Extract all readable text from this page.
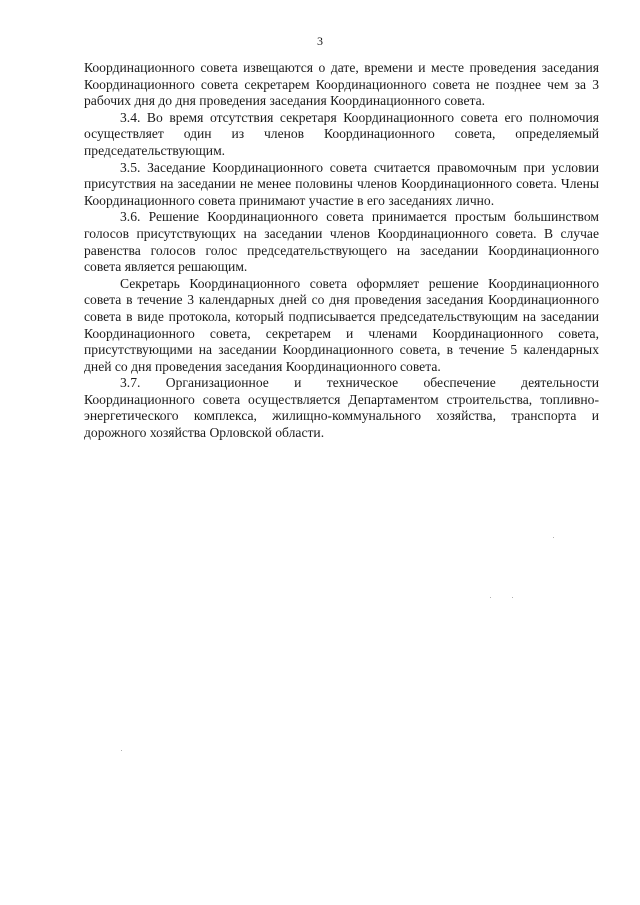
3

Координационного совета извещаются о дате, времени и месте проведения заседания Координационного совета секретарем Координационного совета не позднее чем за 3 рабочих дня до дня проведения заседания Координационного совета.

3.4. Во время отсутствия секретаря Координационного совета его полномочия осуществляет один из членов Координационного совета, определяемый председательствующим.

3.5. Заседание Координационного совета считается правомочным при условии присутствия на заседании не менее половины членов Координационного совета. Члены Координационного совета принимают участие в его заседаниях лично.

3.6. Решение Координационного совета принимается простым большинством голосов присутствующих на заседании членов Координационного совета. В случае равенства голосов голос председательствующего на заседании Координационного совета является решающим.

Секретарь Координационного совета оформляет решение Координационного совета в течение 3 календарных дней со дня проведения заседания Координационного совета в виде протокола, который подписывается председательствующим на заседании Координационного совета, секретарем и членами Координационного совета, присутствующими на заседании Координационного совета, в течение 5 календарных дней со дня проведения заседания Координационного совета.

3.7. Организационное и техническое обеспечение деятельности Координационного совета осуществляется Департаментом строительства, топливно-энергетического комплекса, жилищно-коммунального хозяйства, транспорта и дорожного хозяйства Орловской области.
